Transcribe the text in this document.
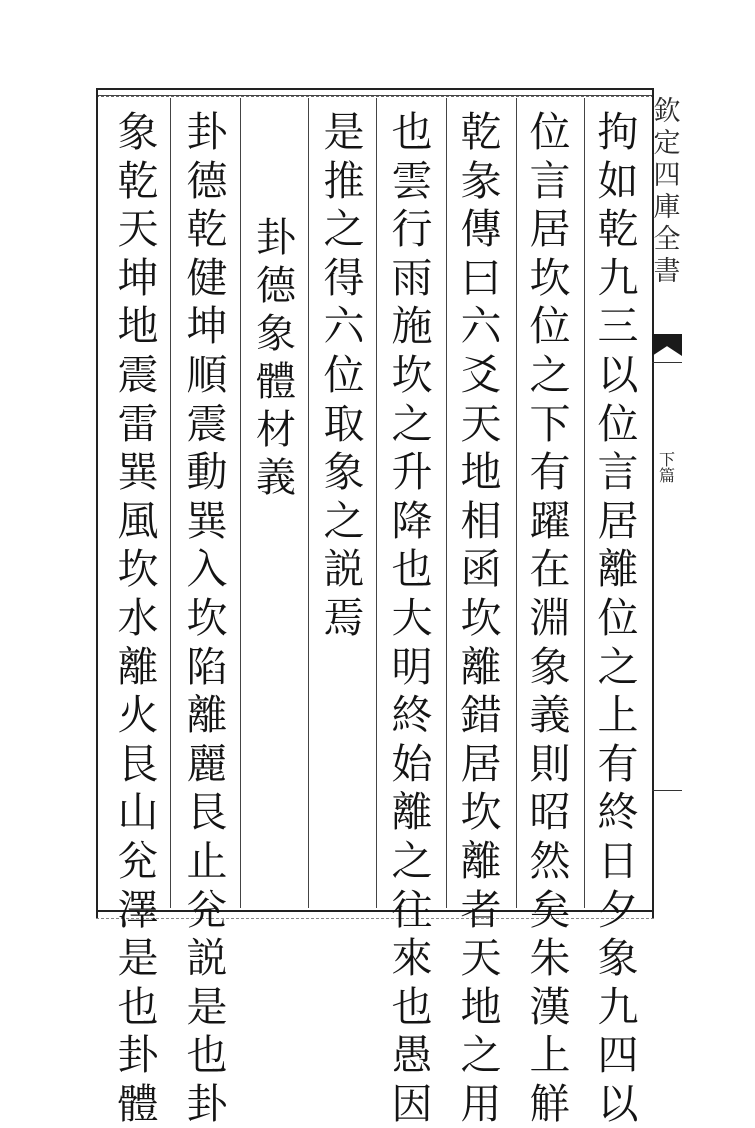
欽定四庫全書
下篇
拘如乾九三以位言居離位之上有終日夕象九四以
位言居坎位之下有躍在淵象義則昭然矣朱漢上觧
乾彖傳曰六爻天地相函坎離錯居坎離者天地之用
也雲行雨施坎之升降也大明終始離之往來也愚因
是推之得六位取象之説焉
卦德象體材義
卦德乾健坤順震動巽入坎陷離麗艮止兊説是也卦
象乾天坤地震雷巽風坎水離火艮山兊澤是也卦體
